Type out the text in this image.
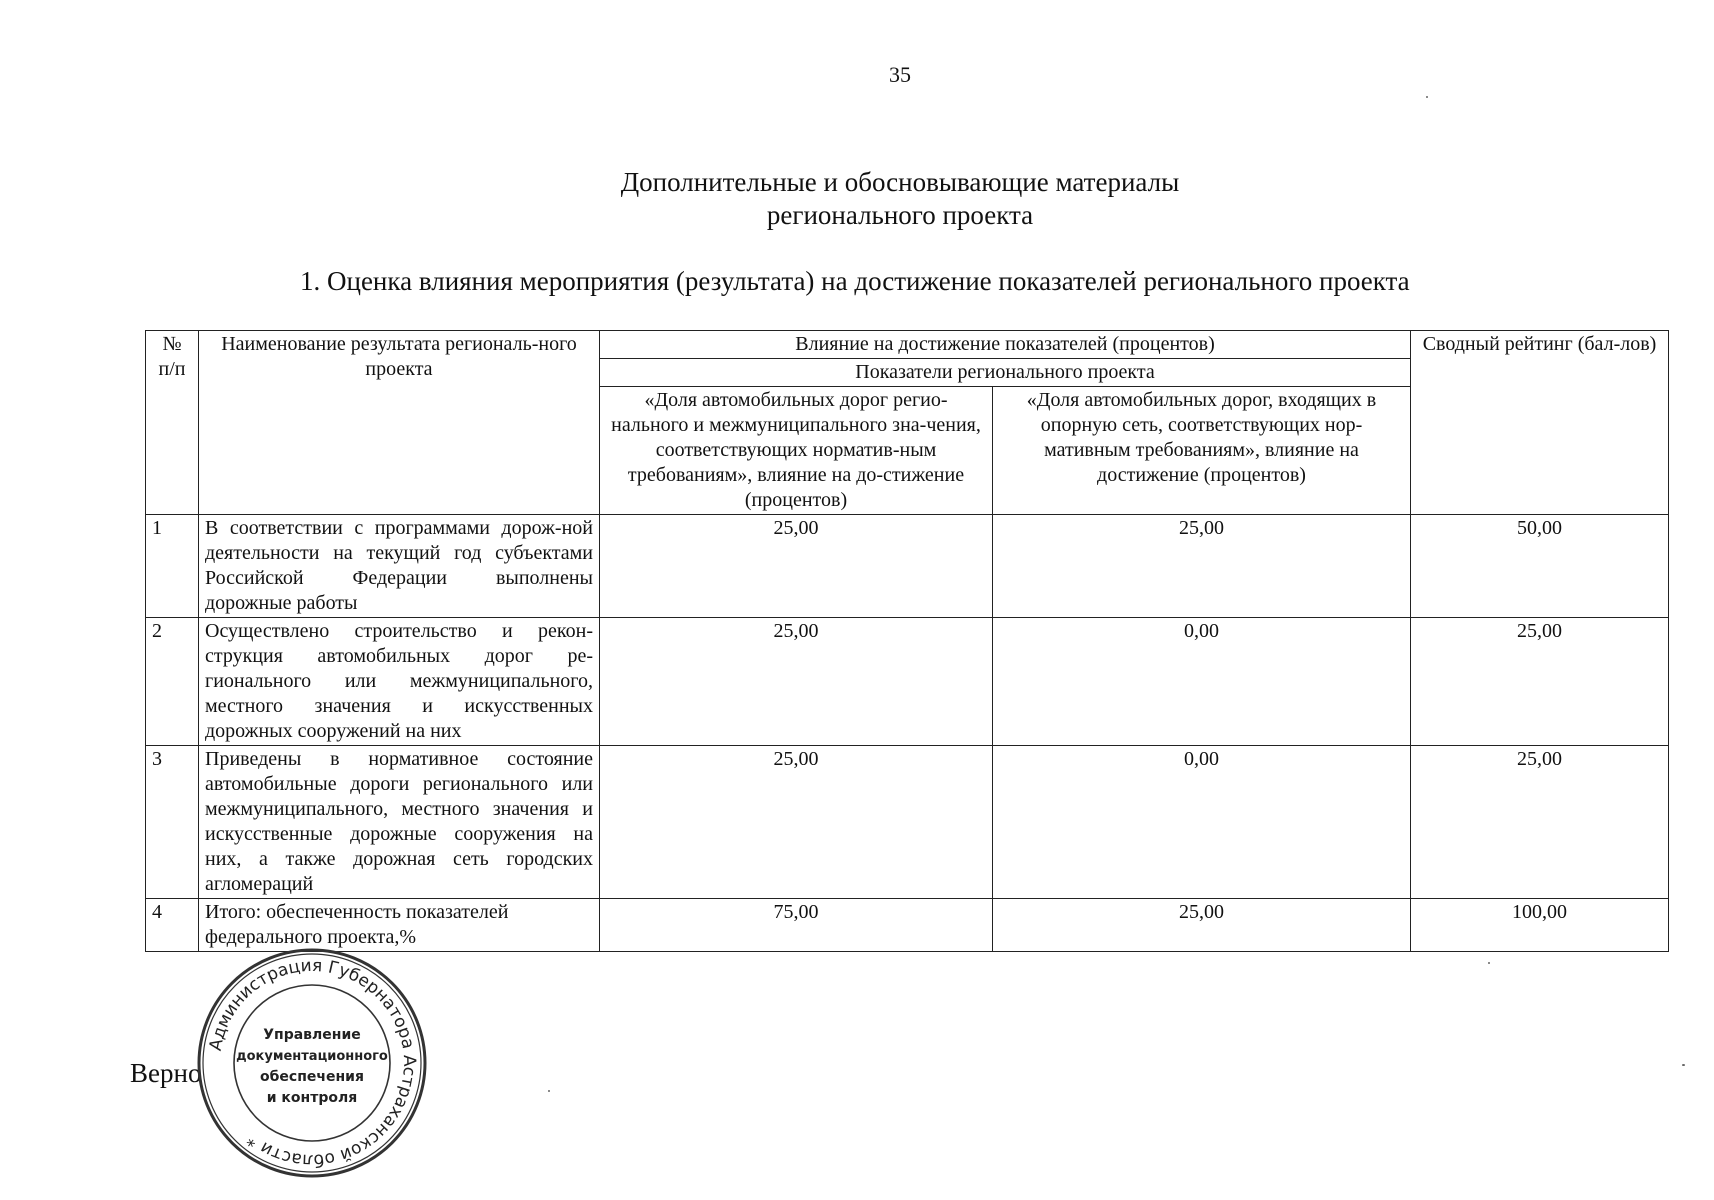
35
Дополнительные и обосновывающие материалы
регионального проекта
1. Оценка влияния мероприятия (результата) на достижение показателей регионального проекта
№ п/п	Наименование результата региональ-ного проекта	Влияние на достижение показателей (процентов)		Сводный рейтинг (бал-лов)
		Показатели регионального проекта		
		«Доля автомобильных дорог регио-нального и межмуниципального зна-чения, соответствующих норматив-ным требованиям», влияние на до-стижение (процентов)	«Доля автомобильных дорог, входящих в опорную сеть, соответствующих нор-мативным требованиям», влияние на достижение (процентов)	
1	В соответствии с программами дорож-ной деятельности на текущий год субъектами Российской Федерации выполнены дорожные работы	25,00	25,00	50,00
2	Осуществлено строительство и рекон-струкция автомобильных дорог ре-гионального или межмуниципального, местного значения и искусственных дорожных сооружений на них	25,00	0,00	25,00
3	Приведены в нормативное состояние автомобильные дороги регионального или межмуниципального, местного значения и искусственные дорожные сооружения на них, а также дорожная сеть городских агломераций	25,00	0,00	25,00
4	Итого: обеспеченность показателей федерального проекта,%	75,00	25,00	100,00
Верно
Администрация Губернатора Астраханской области *
Управление
документационного
обеспечения
и контроля
